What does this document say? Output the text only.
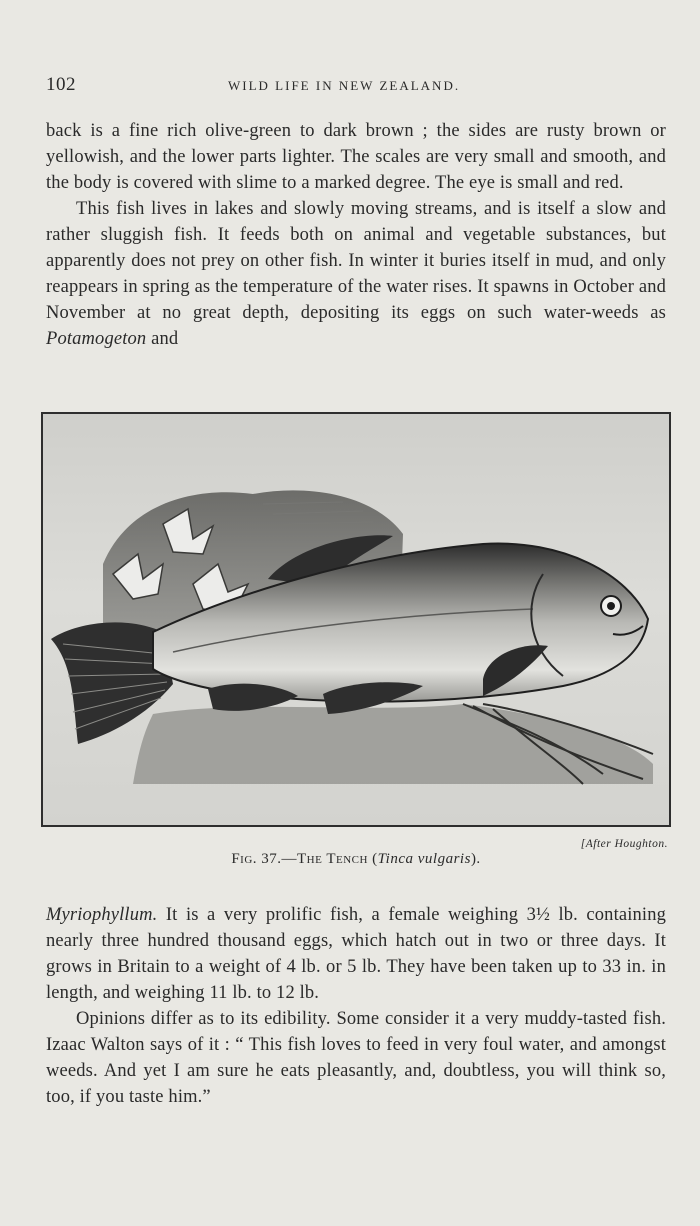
102	WILD LIFE IN NEW ZEALAND.

back is a fine rich olive-green to dark brown ; the sides are rusty brown or yellowish, and the lower parts lighter. The scales are very small and smooth, and the body is covered with slime to a marked degree. The eye is small and red.

This fish lives in lakes and slowly moving streams, and is itself a slow and rather sluggish fish. It feeds both on animal and vegetable substances, but apparently does not prey on other fish. In winter it buries itself in mud, and only reappears in spring as the temperature of the water rises. It spawns in October and November at no great depth, depositing its eggs on such water-weeds as Potamogeton and

[After Houghton.
Fig. 37.—The Tench (Tinca vulgaris).

Myriophyllum. It is a very prolific fish, a female weighing 3½ lb. containing nearly three hundred thousand eggs, which hatch out in two or three days. It grows in Britain to a weight of 4 lb. or 5 lb. They have been taken up to 33 in. in length, and weighing 11 lb. to 12 lb.

Opinions differ as to its edibility. Some consider it a very muddy-tasted fish. Izaac Walton says of it : “ This fish loves to feed in very foul water, and amongst weeds. And yet I am sure he eats pleasantly, and, doubtless, you will think so, too, if you taste him.”
